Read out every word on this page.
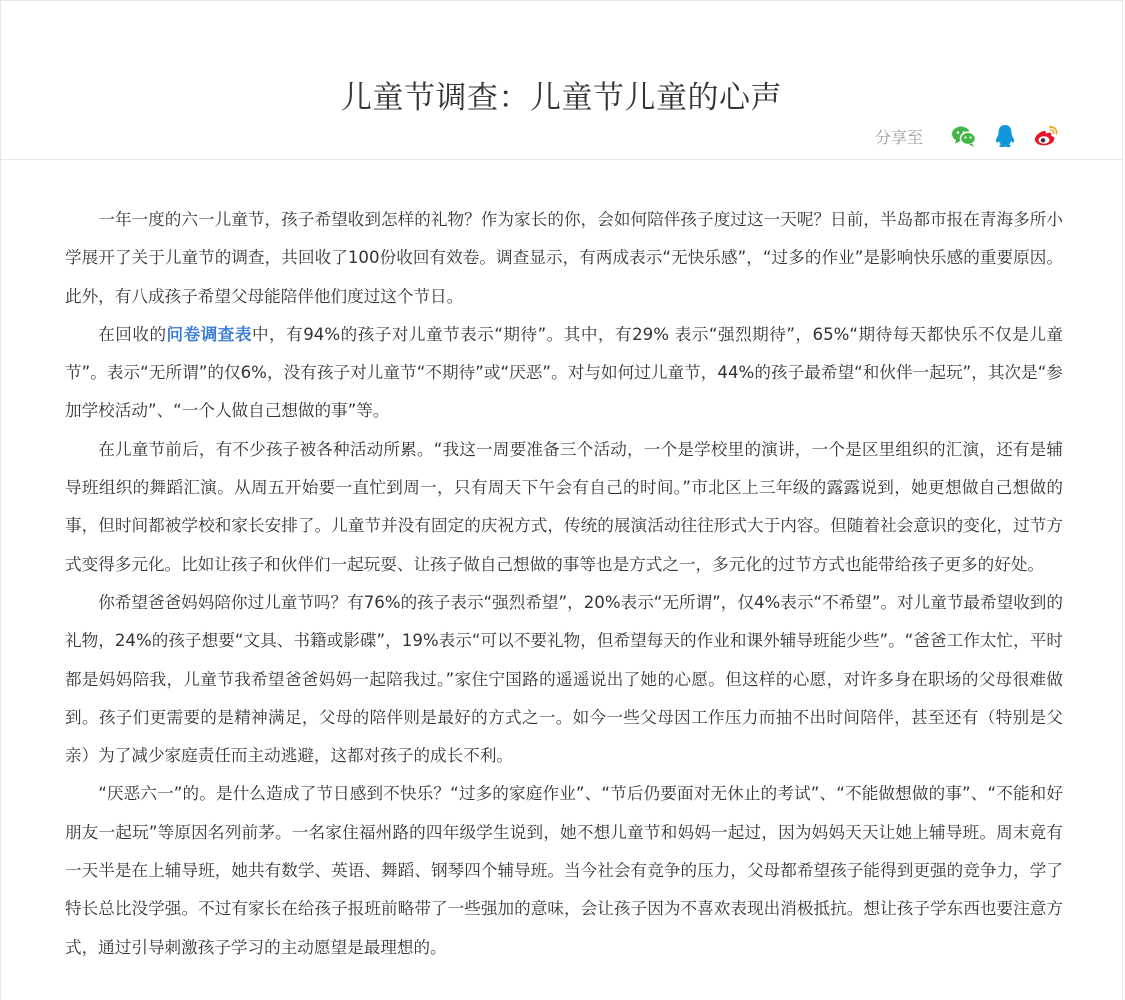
儿童节调查：儿童节儿童的心声
分享至

一年一度的六一儿童节，孩子希望收到怎样的礼物？作为家长的你，会如何陪伴孩子度过这一天呢？日前，半岛都市报在青海多所小学展开了关于儿童节的调查，共回收了100份收回有效卷。调查显示，有两成表示“无快乐感”，“过多的作业”是影响快乐感的重要原因。此外，有八成孩子希望父母能陪伴他们度过这个节日。

在回收的问卷调查表中，有94%的孩子对儿童节表示“期待”。其中，有29% 表示“强烈期待”，65%“期待每天都快乐不仅是儿童节”。表示“无所谓”的仅6%，没有孩子对儿童节“不期待”或“厌恶”。对与如何过儿童节，44%的孩子最希望“和伙伴一起玩”，其次是“参加学校活动”、“一个人做自己想做的事”等。

在儿童节前后，有不少孩子被各种活动所累。“我这一周要准备三个活动，一个是学校里的演讲，一个是区里组织的汇演，还有是辅导班组织的舞蹈汇演。从周五开始要一直忙到周一，只有周天下午会有自己的时间。”市北区上三年级的露露说到，她更想做自己想做的事，但时间都被学校和家长安排了。儿童节并没有固定的庆祝方式，传统的展演活动往往形式大于内容。但随着社会意识的变化，过节方式变得多元化。比如让孩子和伙伴们一起玩耍、让孩子做自己想做的事等也是方式之一，多元化的过节方式也能带给孩子更多的好处。

你希望爸爸妈妈陪你过儿童节吗？有76%的孩子表示“强烈希望”，20%表示“无所谓”，仅4%表示“不希望”。对儿童节最希望收到的礼物，24%的孩子想要“文具、书籍或影碟”，19%表示“可以不要礼物，但希望每天的作业和课外辅导班能少些”。“爸爸工作太忙，平时都是妈妈陪我，儿童节我希望爸爸妈妈一起陪我过。”家住宁国路的遥遥说出了她的心愿。但这样的心愿，对许多身在职场的父母很难做到。孩子们更需要的是精神满足，父母的陪伴则是最好的方式之一。如今一些父母因工作压力而抽不出时间陪伴，甚至还有（特别是父亲）为了减少家庭责任而主动逃避，这都对孩子的成长不利。

“厌恶六一”的。是什么造成了节日感到不快乐？“过多的家庭作业”、“节后仍要面对无休止的考试”、“不能做想做的事”、“不能和好朋友一起玩”等原因名列前茅。一名家住福州路的四年级学生说到，她不想儿童节和妈妈一起过，因为妈妈天天让她上辅导班。周末竟有一天半是在上辅导班，她共有数学、英语、舞蹈、钢琴四个辅导班。当今社会有竞争的压力，父母都希望孩子能得到更强的竞争力，学了特长总比没学强。不过有家长在给孩子报班前略带了一些强加的意味，会让孩子因为不喜欢表现出消极抵抗。想让孩子学东西也要注意方式，通过引导刺激孩子学习的主动愿望是最理想的。
